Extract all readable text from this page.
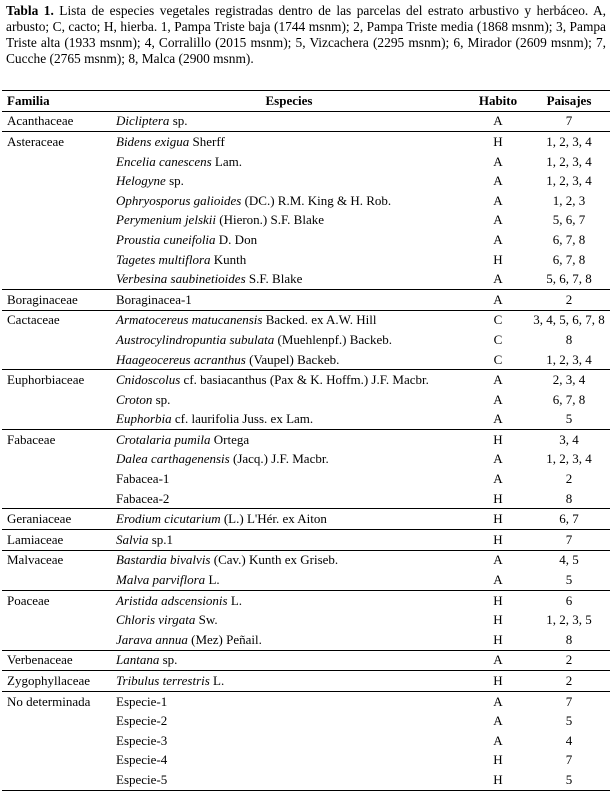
Tabla 1. Lista de especies vegetales registradas dentro de las parcelas del estrato arbustivo y herbáceo. A, arbusto; C, cacto; H, hierba. 1, Pampa Triste baja (1744 msnm); 2, Pampa Triste media (1868 msnm); 3, Pampa Triste alta (1933 msnm); 4, Corralillo (2015 msnm); 5, Vizcachera (2295 msnm); 6, Mirador (2609 msnm); 7, Cucche (2765 msnm); 8, Malca (2900 msnm).
Familia	Especies	Habito	Paisajes

Acanthaceae	Dicliptera sp.	A	7

Asteraceae	Bidens exigua Sherff	H	1, 2, 3, 4
	Encelia canescens Lam.	A	1, 2, 3, 4
	Helogyne sp.	A	1, 2, 3, 4
	Ophryosporus galioides (DC.) R.M. King & H. Rob.	A	1, 2, 3
	Perymenium jelskii (Hieron.) S.F. Blake	A	5, 6, 7
	Proustia cuneifolia D. Don	A	6, 7, 8
	Tagetes multiflora Kunth	H	6, 7, 8
	Verbesina saubinetioides S.F. Blake	A	5, 6, 7, 8

Boraginaceae	Boraginacea-1	A	2

Cactaceae	Armatocereus matucanensis Backed. ex A.W. Hill	C	3, 4, 5, 6, 7, 8
	Austrocylindropuntia subulata (Muehlenpf.) Backeb.	C	8
	Haageocereus acranthus (Vaupel) Backeb.	C	1, 2, 3, 4

Euphorbiaceae	Cnidoscolus cf. basiacanthus (Pax & K. Hoffm.) J.F. Macbr.	A	2, 3, 4
	Croton sp.	A	6, 7, 8
	Euphorbia cf. laurifolia Juss. ex Lam.	A	5

Fabaceae	Crotalaria pumila Ortega	H	3, 4
	Dalea carthagenensis (Jacq.) J.F. Macbr.	A	1, 2, 3, 4
	Fabacea-1	A	2
	Fabacea-2	H	8

Geraniaceae	Erodium cicutarium (L.) L'Hér. ex Aiton	H	6, 7

Lamiaceae	Salvia sp.1	H	7

Malvaceae	Bastardia bivalvis (Cav.) Kunth ex Griseb.	A	4, 5
	Malva parviflora L.	A	5

Poaceae	Aristida adscensionis L.	H	6
	Chloris virgata Sw.	H	1, 2, 3, 5
	Jarava annua (Mez) Peñail.	H	8

Verbenaceae	Lantana sp.	A	2

Zygophyllaceae	Tribulus terrestris L.	H	2

No determinada	Especie-1	A	7
	Especie-2	A	5
	Especie-3	A	4
	Especie-4	H	7
	Especie-5	H	5
